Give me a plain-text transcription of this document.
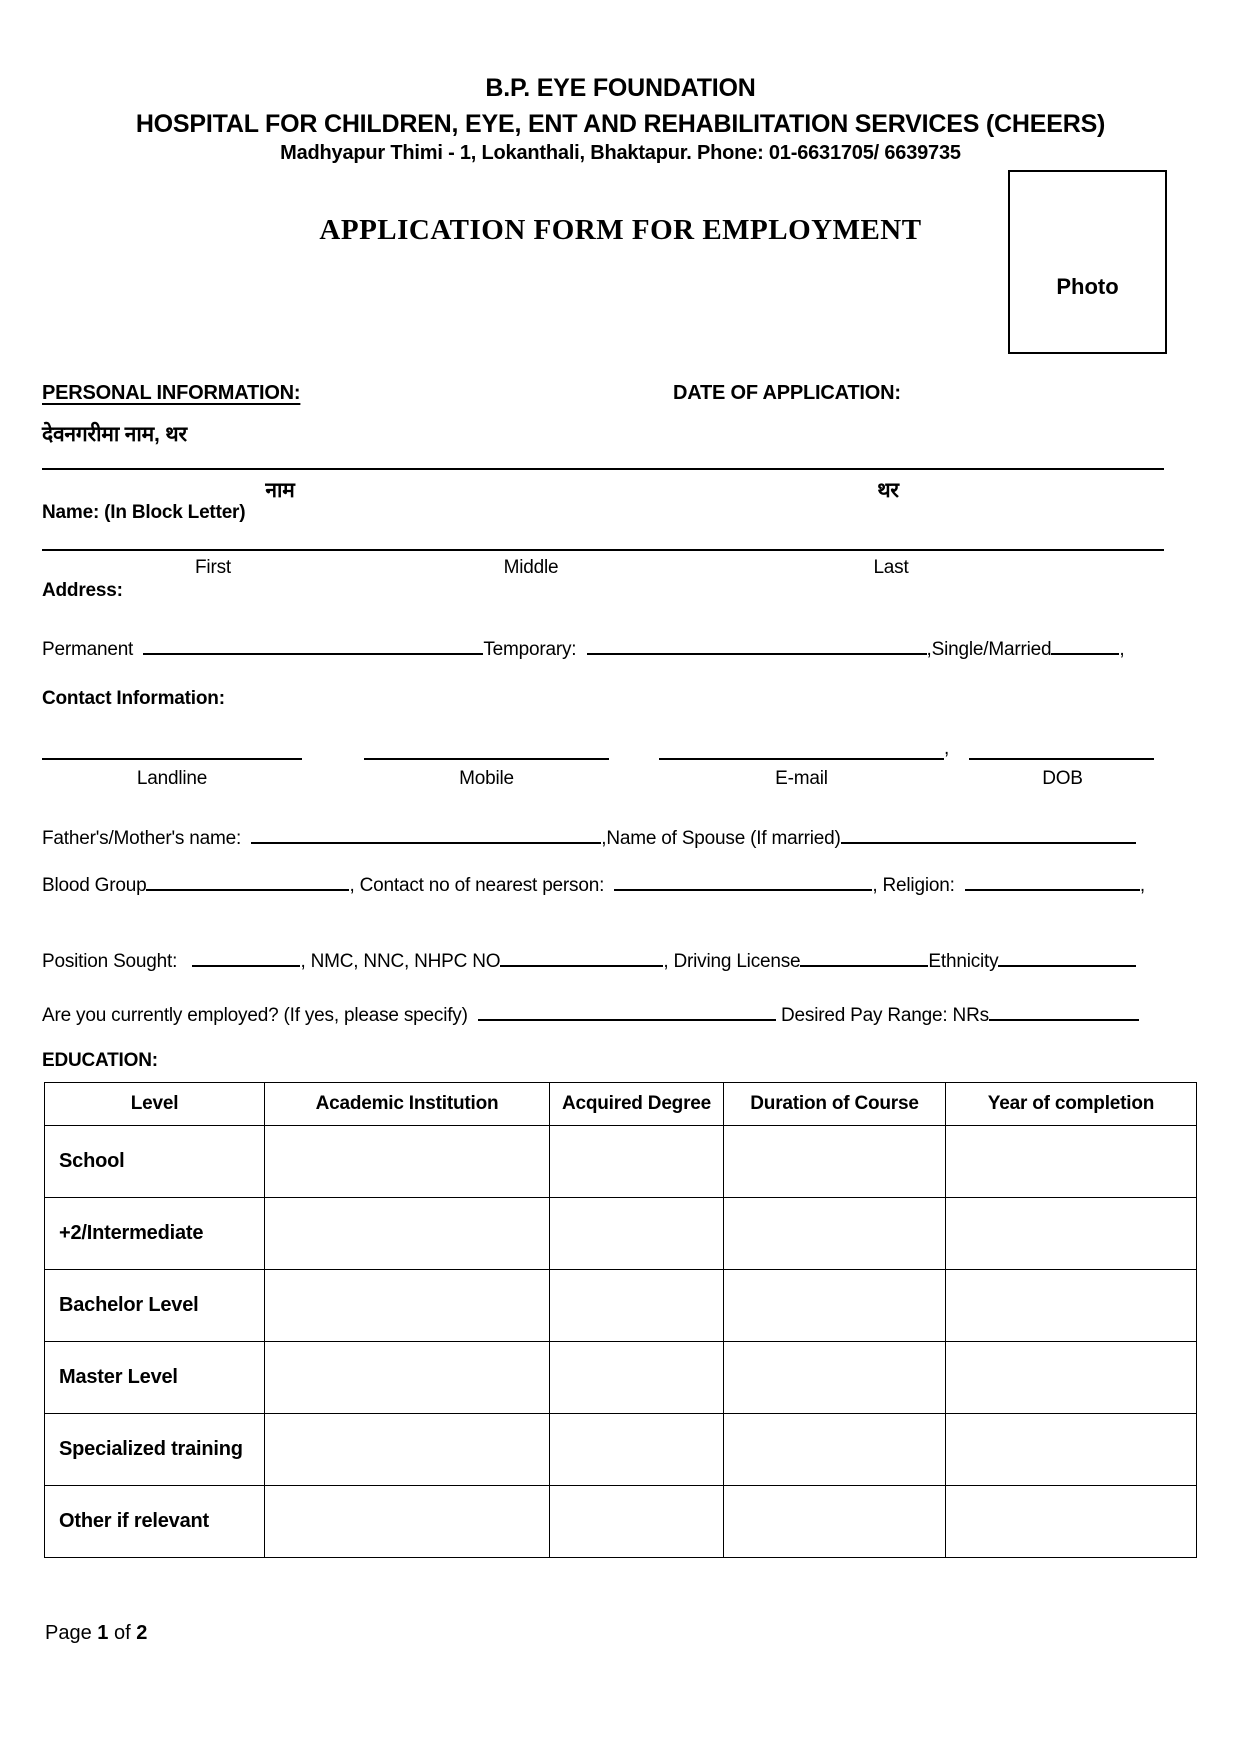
B.P. EYE FOUNDATION
HOSPITAL FOR CHILDREN, EYE, ENT AND REHABILITATION SERVICES (CHEERS)
Madhyapur Thimi - 1, Lokanthali, Bhaktapur. Phone: 01-6631705/ 6639735
Photo
APPLICATION FORM FOR EMPLOYMENT
PERSONAL INFORMATION:	DATE OF APPLICATION:
देवनगरीमा नाम, थर
नाम	थर
Name: (In Block Letter)
First	Middle	Last
Address:
Permanent	Temporary:	,Single/Married	,
Contact Information:
,
Landline	Mobile	E-mail	DOB
Father's/Mother's name:	,Name of Spouse (If married)
Blood Group	, Contact no of nearest person:	, Religion:	,
Position Sought:	, NMC, NNC, NHPC NO	, Driving License	Ethnicity
Are you currently employed? (If yes, please specify)	Desired Pay Range: NRs
EDUCATION:
Level	Academic Institution	Acquired Degree	Duration of Course	Year of completion
School				
+2/Intermediate				
Bachelor Level				
Master Level				
Specialized training				
Other if relevant				
Page 1 of 2
